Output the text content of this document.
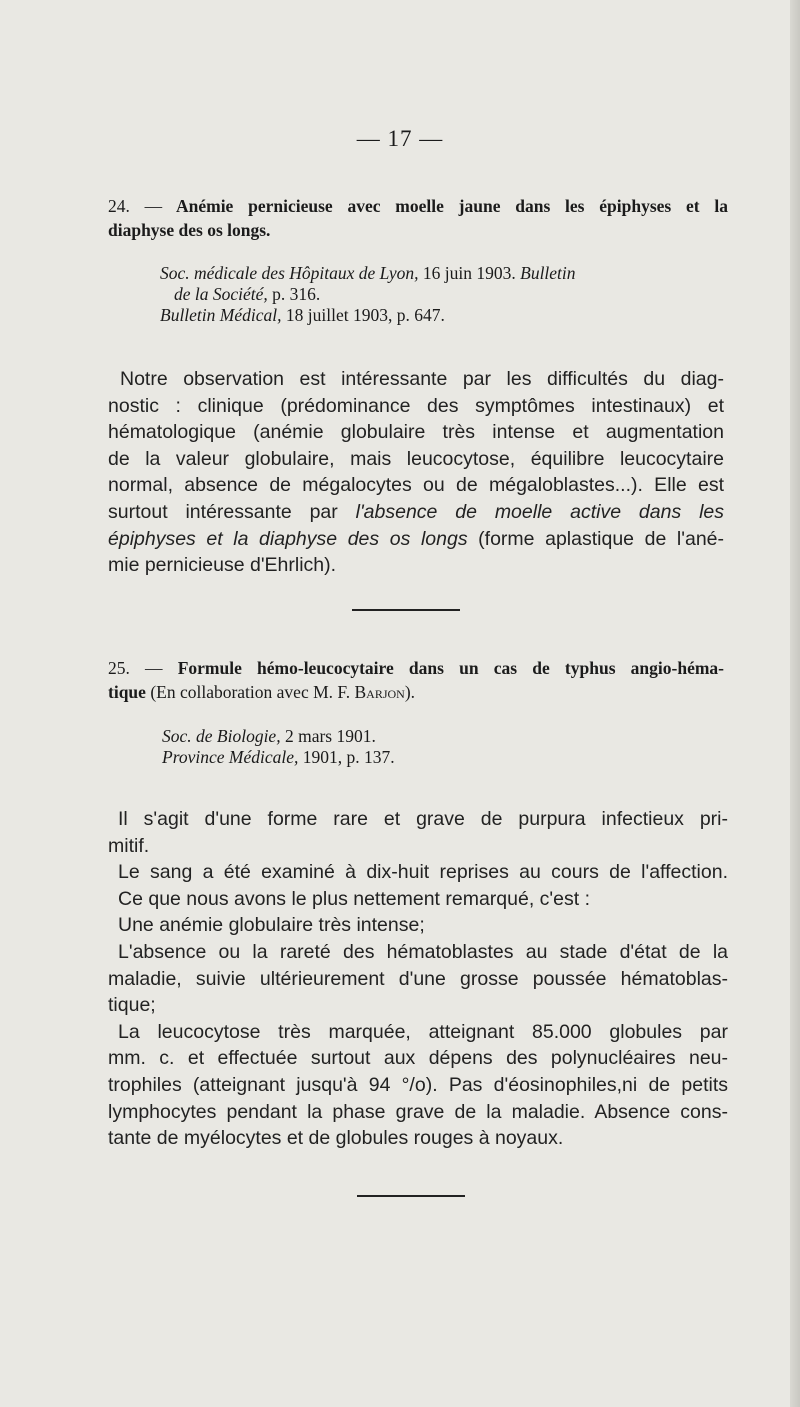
— 17 —
24. — Anémie pernicieuse avec moelle jaune dans les épiphyses et la
diaphyse des os longs.
Soc. médicale des Hôpitaux de Lyon, 16 juin 1903. Bulletin
de la Société, p. 316.
Bulletin Médical, 18 juillet 1903, p. 647.
Notre observation est intéressante par les difficultés du diag-
nostic : clinique (prédominance des symptômes intestinaux) et
hématologique (anémie globulaire très intense et augmentation
de la valeur globulaire, mais leucocytose, équilibre leucocytaire
normal, absence de mégalocytes ou de mégaloblastes...). Elle est
surtout intéressante par l'absence de moelle active dans les
épiphyses et la diaphyse des os longs (forme aplastique de l'ané-
mie pernicieuse d'Ehrlich).
25. — Formule hémo-leucocytaire dans un cas de typhus angio-héma-
tique (En collaboration avec M. F. Barjon).
Soc. de Biologie, 2 mars 1901.
Province Médicale, 1901, p. 137.
Il s'agit d'une forme rare et grave de purpura infectieux pri-
mitif.
Le sang a été examiné à dix-huit reprises au cours de l'affection.
Ce que nous avons le plus nettement remarqué, c'est :
Une anémie globulaire très intense;
L'absence ou la rareté des hématoblastes au stade d'état de la
maladie, suivie ultérieurement d'une grosse poussée hématoblas-
tique;
La leucocytose très marquée, atteignant 85.000 globules par
mm. c. et effectuée surtout aux dépens des polynucléaires neu-
trophiles (atteignant jusqu'à 94 °/o). Pas d'éosinophiles,ni de petits
lymphocytes pendant la phase grave de la maladie. Absence cons-
tante de myélocytes et de globules rouges à noyaux.
